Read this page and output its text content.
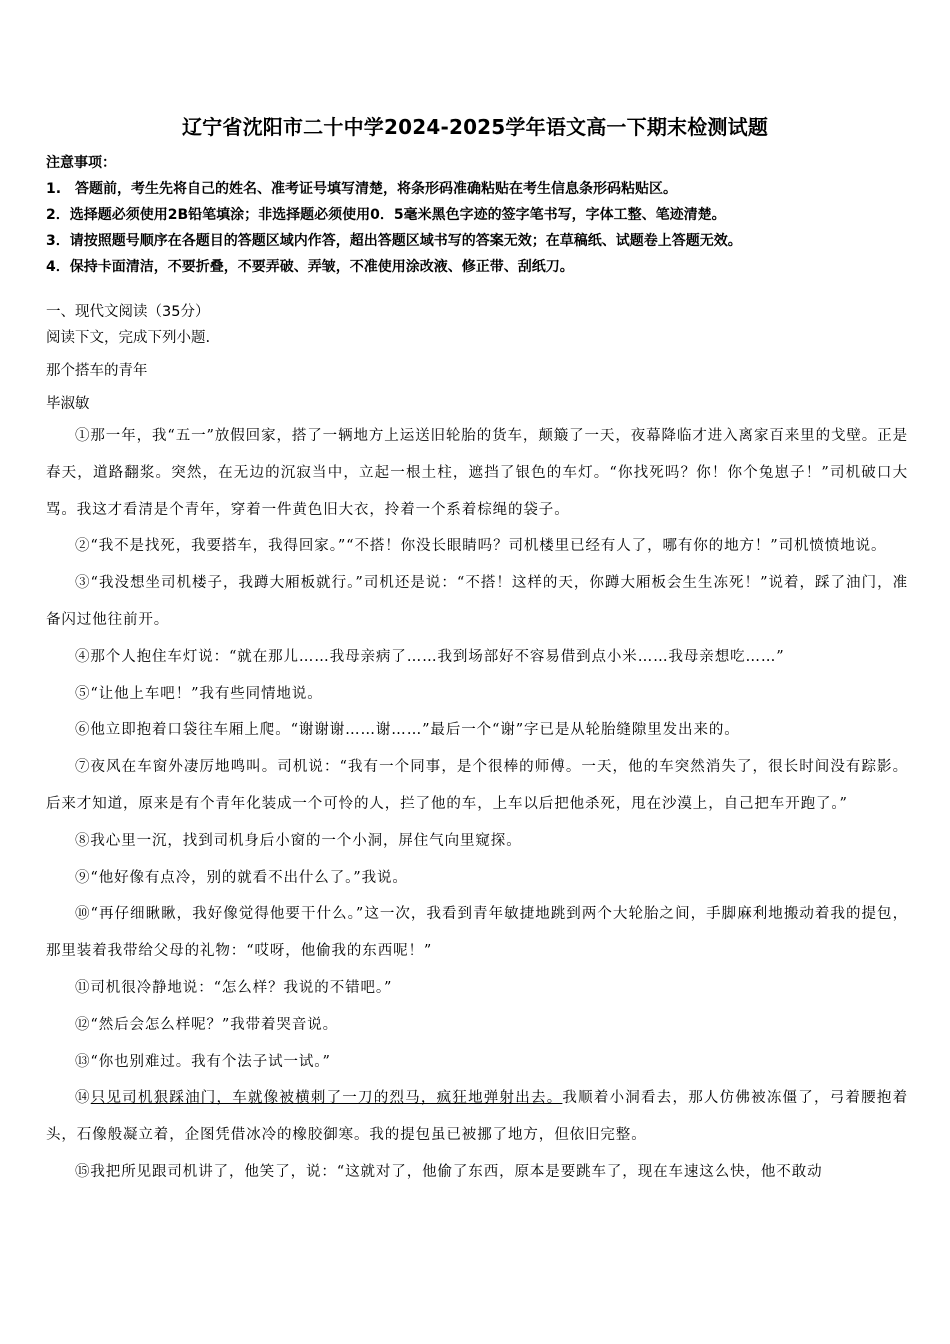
辽宁省沈阳市二十中学2024-2025学年语文高一下期末检测试题
注意事项：
1.　答题前，考生先将自己的姓名、准考证号填写清楚，将条形码准确粘贴在考生信息条形码粘贴区。
2．选择题必须使用2B铅笔填涂；非选择题必须使用0．5毫米黑色字迹的签字笔书写，字体工整、笔迹清楚。
3．请按照题号顺序在各题目的答题区域内作答，超出答题区域书写的答案无效；在草稿纸、试题卷上答题无效。
4．保持卡面清洁，不要折叠，不要弄破、弄皱，不准使用涂改液、修正带、刮纸刀。
一、现代文阅读（35分）
阅读下文，完成下列小题.
那个搭车的青年
毕淑敏

①那一年，我“五一”放假回家，搭了一辆地方上运送旧轮胎的货车，颠簸了一天，夜幕降临才进入离家百来里的戈壁。正是春天，道路翻浆。突然，在无边的沉寂当中，立起一根土柱，遮挡了银色的车灯。“你找死吗？你！你个兔崽子！”司机破口大骂。我这才看清是个青年，穿着一件黄色旧大衣，拎着一个系着棕绳的袋子。

②“我不是找死，我要搭车，我得回家。”“不搭！你没长眼睛吗？司机楼里已经有人了，哪有你的地方！”司机愤愤地说。

③“我没想坐司机楼子，我蹲大厢板就行。”司机还是说：“不搭！这样的天，你蹲大厢板会生生冻死！”说着，踩了油门，准备闪过他往前开。

④那个人抱住车灯说：“就在那儿……我母亲病了……我到场部好不容易借到点小米……我母亲想吃……”

⑤“让他上车吧！”我有些同情地说。

⑥他立即抱着口袋往车厢上爬。“谢谢谢……谢……”最后一个“谢”字已是从轮胎缝隙里发出来的。

⑦夜风在车窗外凄厉地鸣叫。司机说：“我有一个同事，是个很棒的师傅。一天，他的车突然消失了，很长时间没有踪影。后来才知道，原来是有个青年化装成一个可怜的人，拦了他的车，上车以后把他杀死，甩在沙漠上，自己把车开跑了。”

⑧我心里一沉，找到司机身后小窗的一个小洞，屏住气向里窥探。

⑨“他好像有点冷，别的就看不出什么了。”我说。

⑩“再仔细瞅瞅，我好像觉得他要干什么。”这一次，我看到青年敏捷地跳到两个大轮胎之间，手脚麻利地搬动着我的提包，那里装着我带给父母的礼物：“哎呀，他偷我的东西呢！”

⑪司机很冷静地说：“怎么样？我说的不错吧。”

⑫“然后会怎么样呢？”我带着哭音说。

⑬“你也别难过。我有个法子试一试。”

⑭只见司机狠踩油门，车就像被横刺了一刀的烈马，疯狂地弹射出去。我顺着小洞看去，那人仿佛被冻僵了，弓着腰抱着头，石像般凝立着，企图凭借冰冷的橡胶御寒。我的提包虽已被挪了地方，但依旧完整。

⑮我把所见跟司机讲了，他笑了，说：“这就对了，他偷了东西，原本是要跳车了，现在车速这么快，他不敢动
